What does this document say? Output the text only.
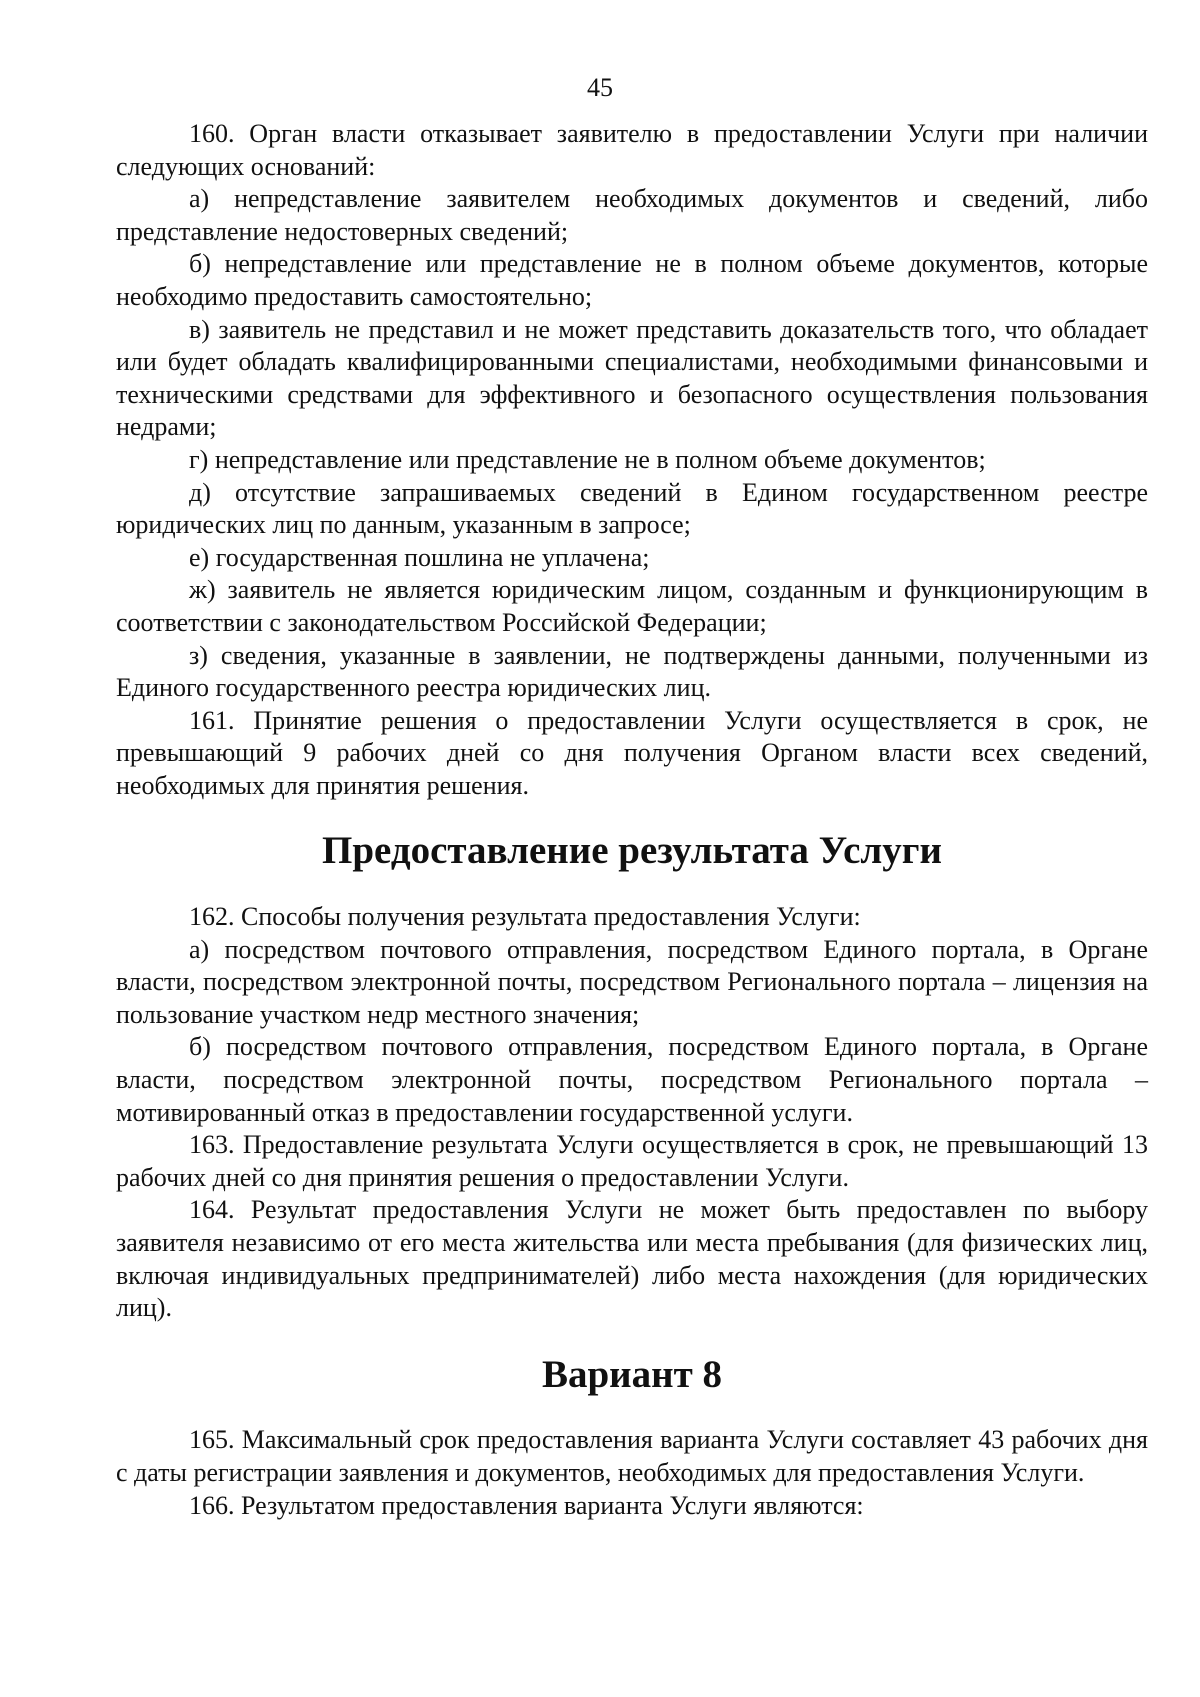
45

160. Орган власти отказывает заявителю в предоставлении Услуги при наличии следующих оснований:

а) непредставление заявителем необходимых документов и сведений, либо представление недостоверных сведений;

б) непредставление или представление не в полном объеме документов, которые необходимо предоставить самостоятельно;

в) заявитель не представил и не может представить доказательств того, что обладает или будет обладать квалифицированными специалистами, необходимыми финансовыми и техническими средствами для эффективного и безопасного осуществления пользования недрами;

г) непредставление или представление не в полном объеме документов;

д) отсутствие запрашиваемых сведений в Едином государственном реестре юридических лиц по данным, указанным в запросе;

е) государственная пошлина не уплачена;

ж) заявитель не является юридическим лицом, созданным и функционирующим в соответствии с законодательством Российской Федерации;

з) сведения, указанные в заявлении, не подтверждены данными, полученными из Единого государственного реестра юридических лиц.

161. Принятие решения о предоставлении Услуги осуществляется в срок, не превышающий 9 рабочих дней со дня получения Органом власти всех сведений, необходимых для принятия решения.

Предоставление результата Услуги

162. Способы получения результата предоставления Услуги:

а) посредством почтового отправления, посредством Единого портала, в Органе власти, посредством электронной почты, посредством Регионального портала – лицензия на пользование участком недр местного значения;

б) посредством почтового отправления, посредством Единого портала, в Органе власти, посредством электронной почты, посредством Регионального портала – мотивированный отказ в предоставлении государственной услуги.

163. Предоставление результата Услуги осуществляется в срок, не превышающий 13 рабочих дней со дня принятия решения о предоставлении Услуги.

164. Результат предоставления Услуги не может быть предоставлен по выбору заявителя независимо от его места жительства или места пребывания (для физических лиц, включая индивидуальных предпринимателей) либо места нахождения (для юридических лиц).

Вариант 8

165. Максимальный срок предоставления варианта Услуги составляет 43 рабочих дня с даты регистрации заявления и документов, необходимых для предоставления Услуги.

166. Результатом предоставления варианта Услуги являются:
